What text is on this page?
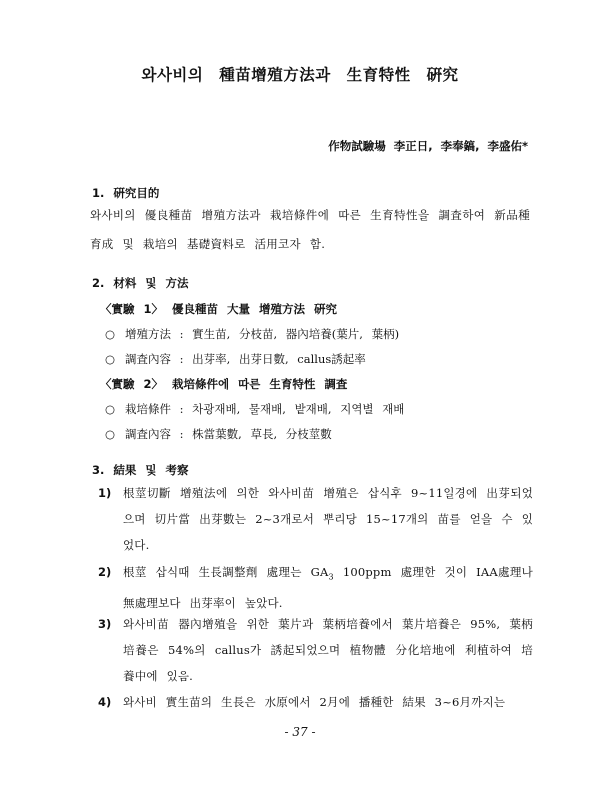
와사비의 種苗增殖方法과 生育特性 硏究
作物試驗場 李正日, 李奉鎬, 李盛佑*
1. 硏究目的
와사비의 優良種苗 增殖方法과 栽培條件에 따른 生育特性을 調査하여 新品種 育成 및 栽培의 基礎資料로 活用코자 함.
2. 材料 및 方法
〈實驗 1〉 優良種苗 大量 增殖方法 硏究
○ 增殖方法 : 實生苗, 分枝苗, 器內培養(葉片, 葉柄)
○ 調査內容 : 出芽率, 出芽日數, callus誘起率
〈實驗 2〉 栽培條件에 따른 生育特性 調査
○ 栽培條件 : 차광재배, 물재배, 밭재배, 지역별 재배
○ 調査內容 : 株當葉數, 草長, 分枝莖數
3. 結果 및 考察
1) 根莖切斷 增殖法에 의한 와사비苗 增殖은 삽식후 9~11일경에 出芽되었으며 切片當 出芽數는 2~3개로서 뿌리당 15~17개의 苗를 얻을 수 있었다.
2) 根莖 삽식때 生長調整劑 處理는 $GA_3$ 100ppm 處理한 것이 IAA處理나 無處理보다 出芽率이 높았다.
3) 와사비苗 器內增殖을 위한 葉片과 葉柄培養에서 葉片培養은 95%, 葉柄培養은 54%의 callus가 誘起되었으며 植物體 分化培地에 利植하여 培養中에 있음.
4) 와사비 實生苗의 生長은 水原에서 2月에 播種한 結果 3~6月까지는
- 37 -
